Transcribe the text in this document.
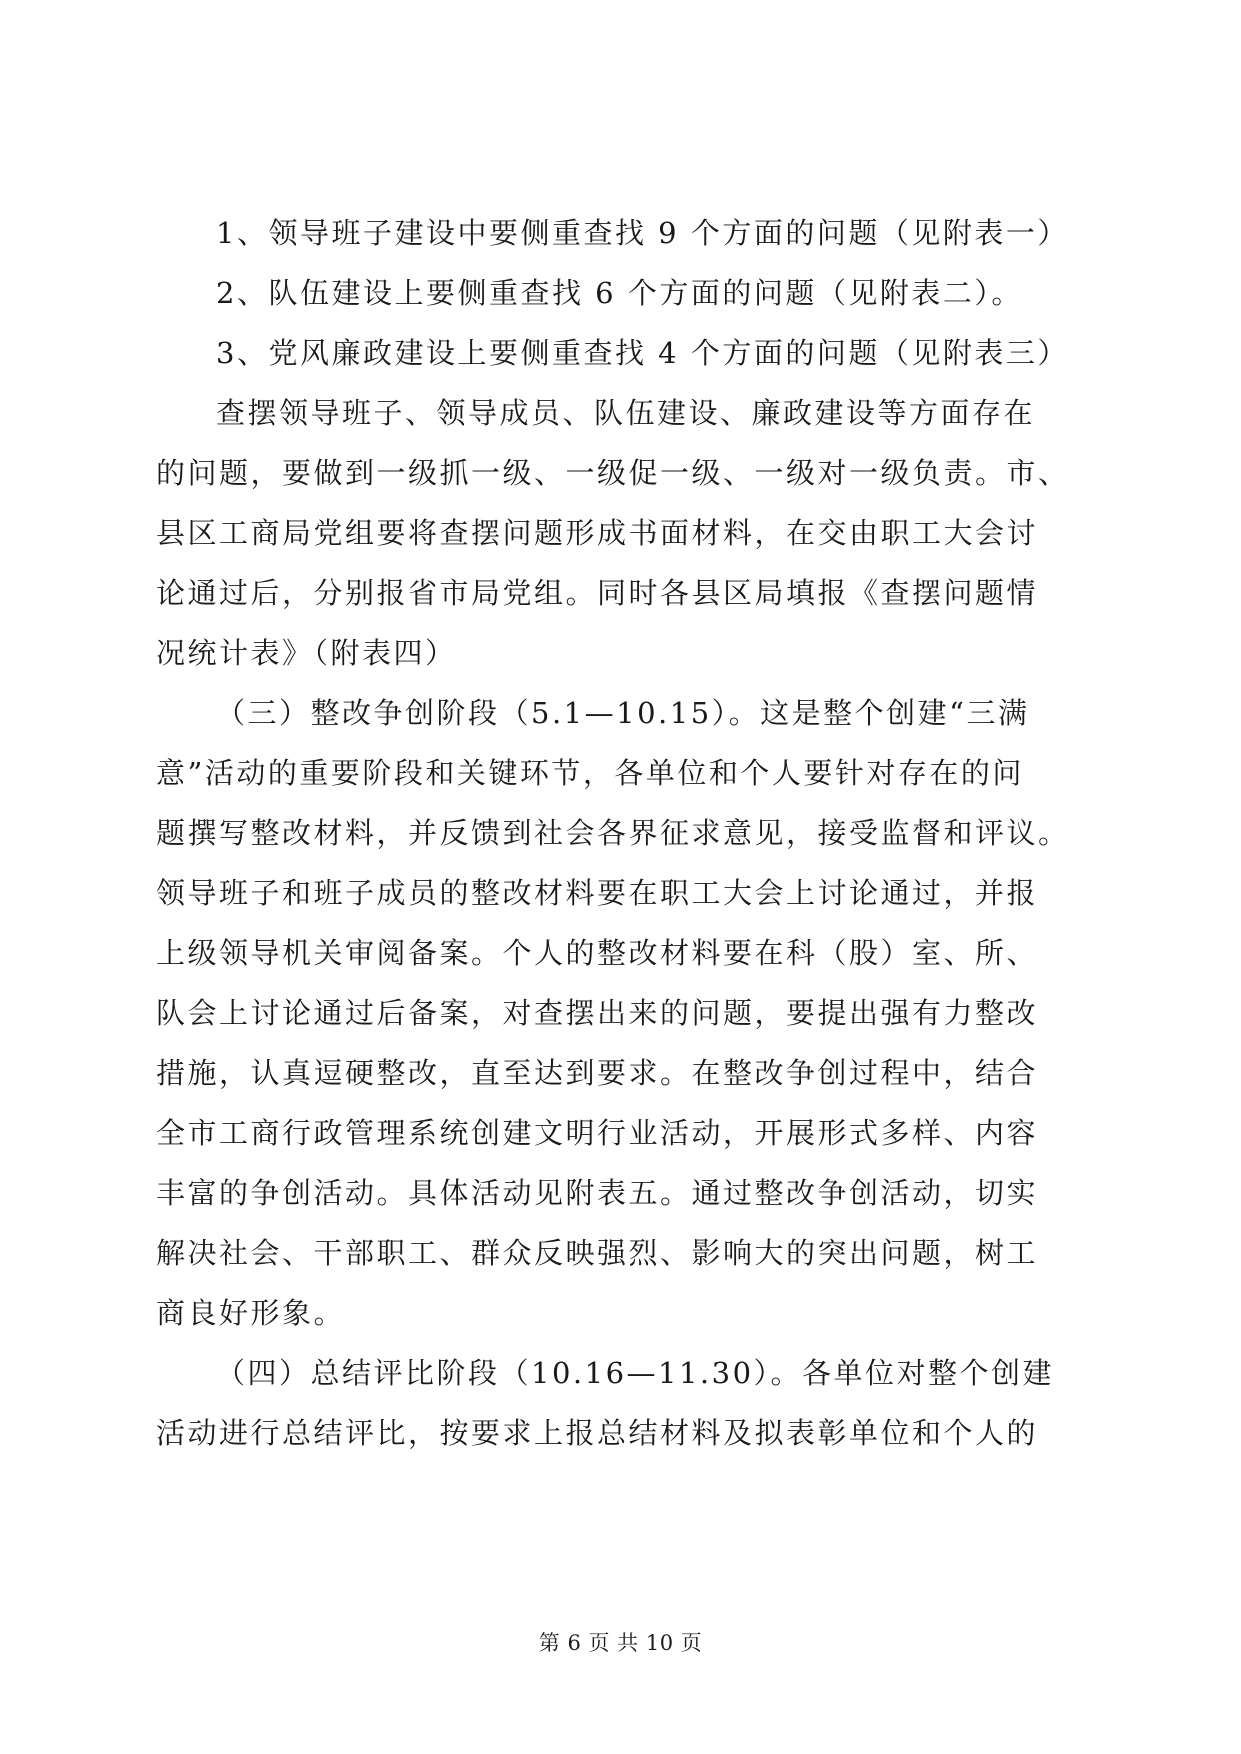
1、领导班子建设中要侧重查找 9 个方面的问题（见附表一）

2、队伍建设上要侧重查找 6 个方面的问题（见附表二）。

3、党风廉政建设上要侧重查找 4 个方面的问题（见附表三）

查摆领导班子、领导成员、队伍建设、廉政建设等方面存在

的问题，要做到一级抓一级、一级促一级、一级对一级负责。市、

县区工商局党组要将查摆问题形成书面材料，在交由职工大会讨

论通过后，分别报省市局党组。同时各县区局填报《查摆问题情

况统计表》（附表四）

（三）整改争创阶段（5.1—10.15）。这是整个创建“三满

意”活动的重要阶段和关键环节，各单位和个人要针对存在的问

题撰写整改材料，并反馈到社会各界征求意见，接受监督和评议。

领导班子和班子成员的整改材料要在职工大会上讨论通过，并报

上级领导机关审阅备案。个人的整改材料要在科（股）室、所、

队会上讨论通过后备案，对查摆出来的问题，要提出强有力整改

措施，认真逗硬整改，直至达到要求。在整改争创过程中，结合

全市工商行政管理系统创建文明行业活动，开展形式多样、内容

丰富的争创活动。具体活动见附表五。通过整改争创活动，切实

解决社会、干部职工、群众反映强烈、影响大的突出问题，树工

商良好形象。

（四）总结评比阶段（10.16—11.30）。各单位对整个创建

活动进行总结评比，按要求上报总结材料及拟表彰单位和个人的

第 6 页 共 10 页
